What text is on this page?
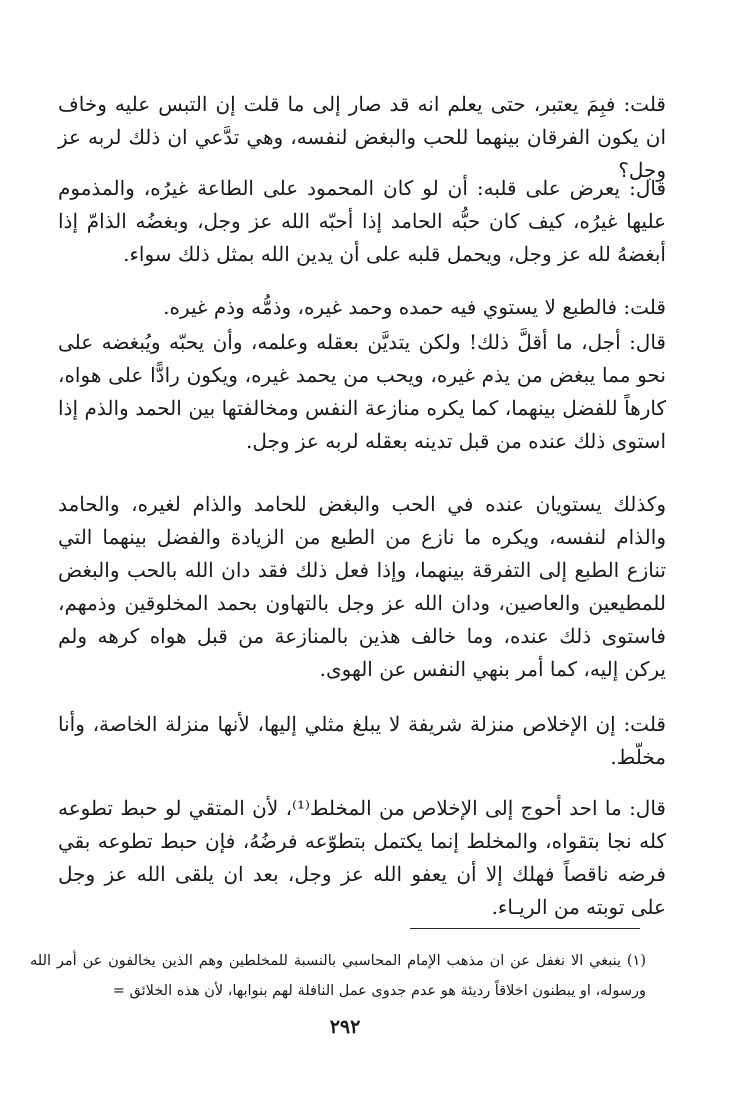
قلت: فبِمَ يعتبر، حتى يعلم انه قد صار إلى ما قلت إن التبس عليه وخاف ان يكون الفرقان بينهما للحب والبغض لنفسه، وهي تدَّعي ان ذلك لربه عز وجل؟

قال: يعرض على قلبه: أن لو كان المحمود على الطاعة غيرُه، والمذموم عليها غيرُه، كيف كان حبُّه الحامد إذا أحبّه الله عز وجل، وبغضُه الذامّ إذا أبغضهُ لله عز وجل، ويحمل قلبه على أن يدين الله بمثل ذلك سواء.

قلت: فالطبع لا يستوي فيه حمده وحمد غيره، وذمُّه وذم غيره.

قال: أجل، ما أقلَّ ذلك! ولكن يتديَّن بعقله وعلمه، وأن يحبّه ويُبغضه على نحو مما يبغض من يذم غيره، ويحب من يحمد غيره، ويكون رادًّا على هواه، كارهاً للفضل بينهما، كما يكره منازعة النفس ومخالفتها بين الحمد والذم إذا استوى ذلك عنده من قبل تدينه بعقله لربه عز وجل.

وكذلك يستويان عنده في الحب والبغض للحامد والذام لغيره، والحامد والذام لنفسه، ويكره ما نازع من الطبع من الزيادة والفضل بينهما التي تنازع الطبع إلى التفرقة بينهما، وإذا فعل ذلك فقد دان الله بالحب والبغض للمطيعين والعاصين، ودان الله عز وجل بالتهاون بحمد المخلوقين وذمهم، فاستوى ذلك عنده، وما خالف هذين بالمنازعة من قبل هواه كرهه ولم يركن إليه، كما أمر بنهي النفس عن الهوى.

قلت: إن الإخلاص منزلة شريفة لا يبلغ مثلي إليها، لأنها منزلة الخاصة، وأنا مخلّط.

قال: ما احد أحوج إلى الإخلاص من المخلط⁽¹⁾، لأن المتقي لو حبط تطوعه كله نجا بتقواه، والمخلط إنما يكتمل بتطوّعه فرضُهُ، فإن حبط تطوعه بقي فرضه ناقصاً فهلك إلا أن يعفو الله عز وجل، بعد ان يلقى الله عز وجل على توبته من الريـاء.

(١) ينبغي الا نغفل عن ان مذهب الإمام المحاسبي بالنسبة للمخلطين وهم الذين يخالفون عن أمر الله ورسوله، او يبطنون اخلاقاً رديئة هو عدم جدوى عمل النافلة لهم بنوابها، لأن هذه الخلائق =

٢٩٢
